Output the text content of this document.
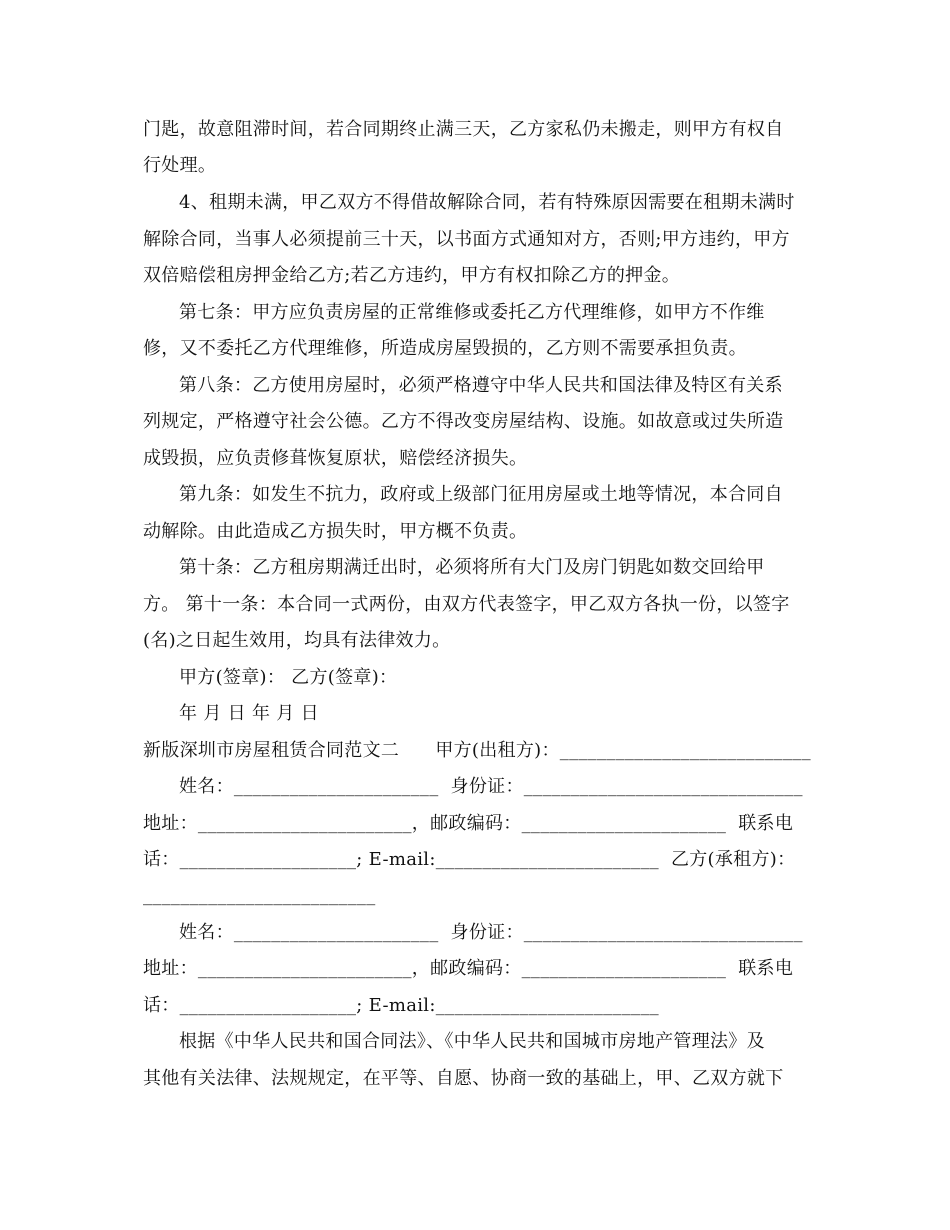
门匙，故意阻滞时间，若合同期终止满三天，乙方家私仍未搬走，则甲方有权自
行处理。
4、租期未满，甲乙双方不得借故解除合同，若有特殊原因需要在租期未满时
解除合同，当事人必须提前三十天，以书面方式通知对方，否则;甲方违约，甲方
双倍赔偿租房押金给乙方;若乙方违约，甲方有权扣除乙方的押金。
第七条：甲方应负责房屋的正常维修或委托乙方代理维修，如甲方不作维
修，又不委托乙方代理维修，所造成房屋毁损的，乙方则不需要承担负责。
第八条：乙方使用房屋时，必须严格遵守中华人民共和国法律及特区有关系
列规定，严格遵守社会公德。乙方不得改变房屋结构、设施。如故意或过失所造
成毁损，应负责修葺恢复原状，赔偿经济损失。
第九条：如发生不抗力，政府或上级部门征用房屋或土地等情况，本合同自
动解除。由此造成乙方损失时，甲方概不负责。
第十条：乙方租房期满迁出时，必须将所有大门及房门钥匙如数交回给甲
方。 第十一条：本合同一式两份，由双方代表签字，甲乙双方各执一份，以签字
(名)之日起生效用，均具有法律效力。
甲方(签章)： 乙方(签章)：
年 月 日 年 月 日
新版深圳市房屋租赁合同范文二      甲方(出租方)：___________________________
姓名：______________________  身份证：______________________________
地址：_______________________，邮政编码：______________________  联系电
话：___________________; E-mail:________________________  乙方(承租方)：
_________________________
姓名：______________________  身份证：______________________________
地址：_______________________，邮政编码：______________________  联系电
话：___________________; E-mail:________________________
根据《中华人民共和国合同法》、《中华人民共和国城市房地产管理法》及
其他有关法律、法规规定，在平等、自愿、协商一致的基础上，甲、乙双方就下
